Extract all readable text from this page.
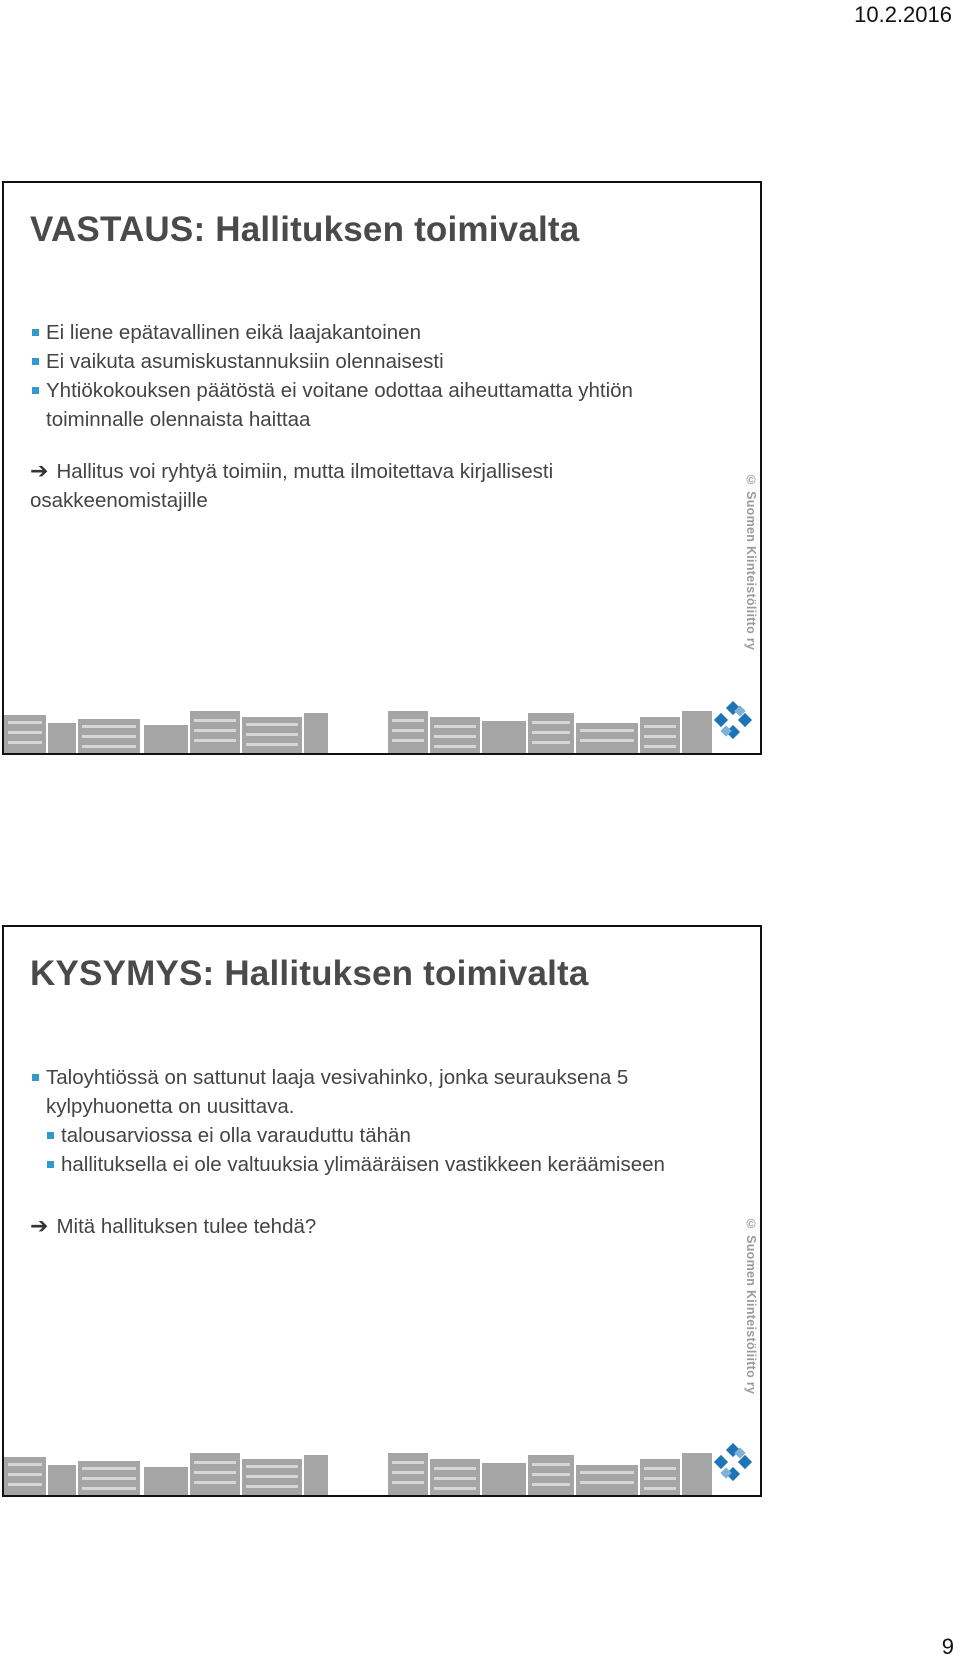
10.2.2016
VASTAUS: Hallituksen toimivalta
Ei liene epätavallinen eikä laajakantoinen
Ei vaikuta asumiskustannuksiin olennaisesti
Yhtiökokouksen päätöstä ei voitane odottaa aiheuttamatta yhtiön toiminnalle olennaista haittaa
➔ Hallitus voi ryhtyä toimiin, mutta ilmoitettava kirjallisesti osakkeenomistajille	© Suomen Kiinteistöliitto ry
KYSYMYS: Hallituksen toimivalta
Taloyhtiössä on sattunut laaja vesivahinko, jonka seurauksena 5 kylpyhuonetta on uusittava.
talousarviossa ei olla varauduttu tähän
hallituksella ei ole valtuuksia ylimääräisen vastikkeen keräämiseen
➔ Mitä hallituksen tulee tehdä?	© Suomen Kiinteistöliitto ry
9
